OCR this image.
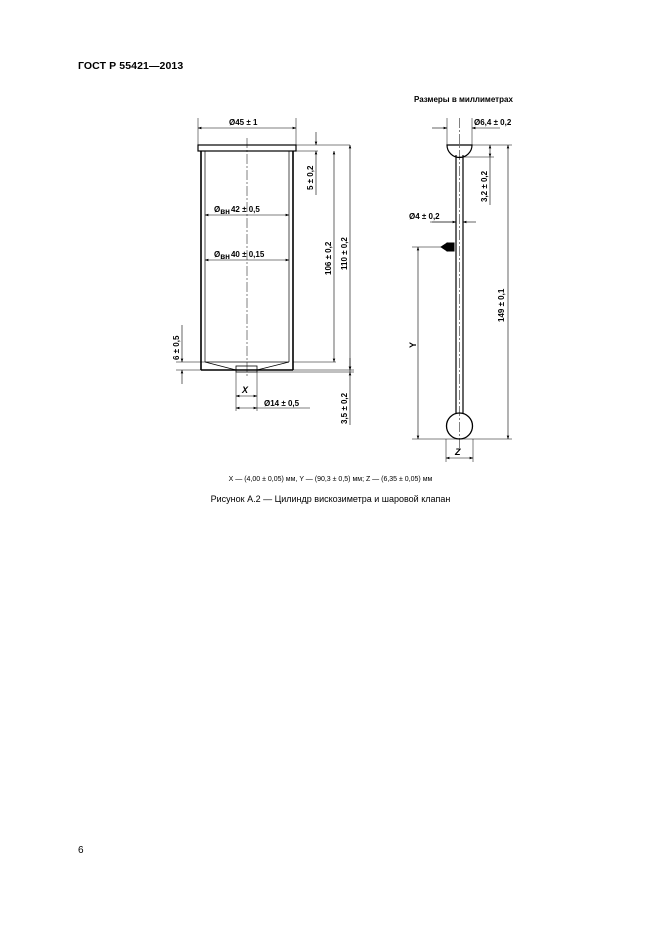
ГОСТ Р 55421—2013
Размеры в миллиметрах
Ø45 ± 1
Øвн42 ± 0,5
Øвн40 ± 0,15
5 ± 0,2
106 ± 0,2 110 ± 0,2
6 ± 0,5
3,5 ± 0,2
X
Ø14 ± 0,5
Ø6,4 ± 0,2
3,2 ± 0,2
Ø4 ± 0,2
149 ± 0,1
Y
Z
X — (4,00 ± 0,05) мм, Y — (90,3 ± 0,5) мм; Z — (6,35 ± 0,05) мм
Рисунок А.2 — Цилиндр вискозиметра и шаровой клапан
6
